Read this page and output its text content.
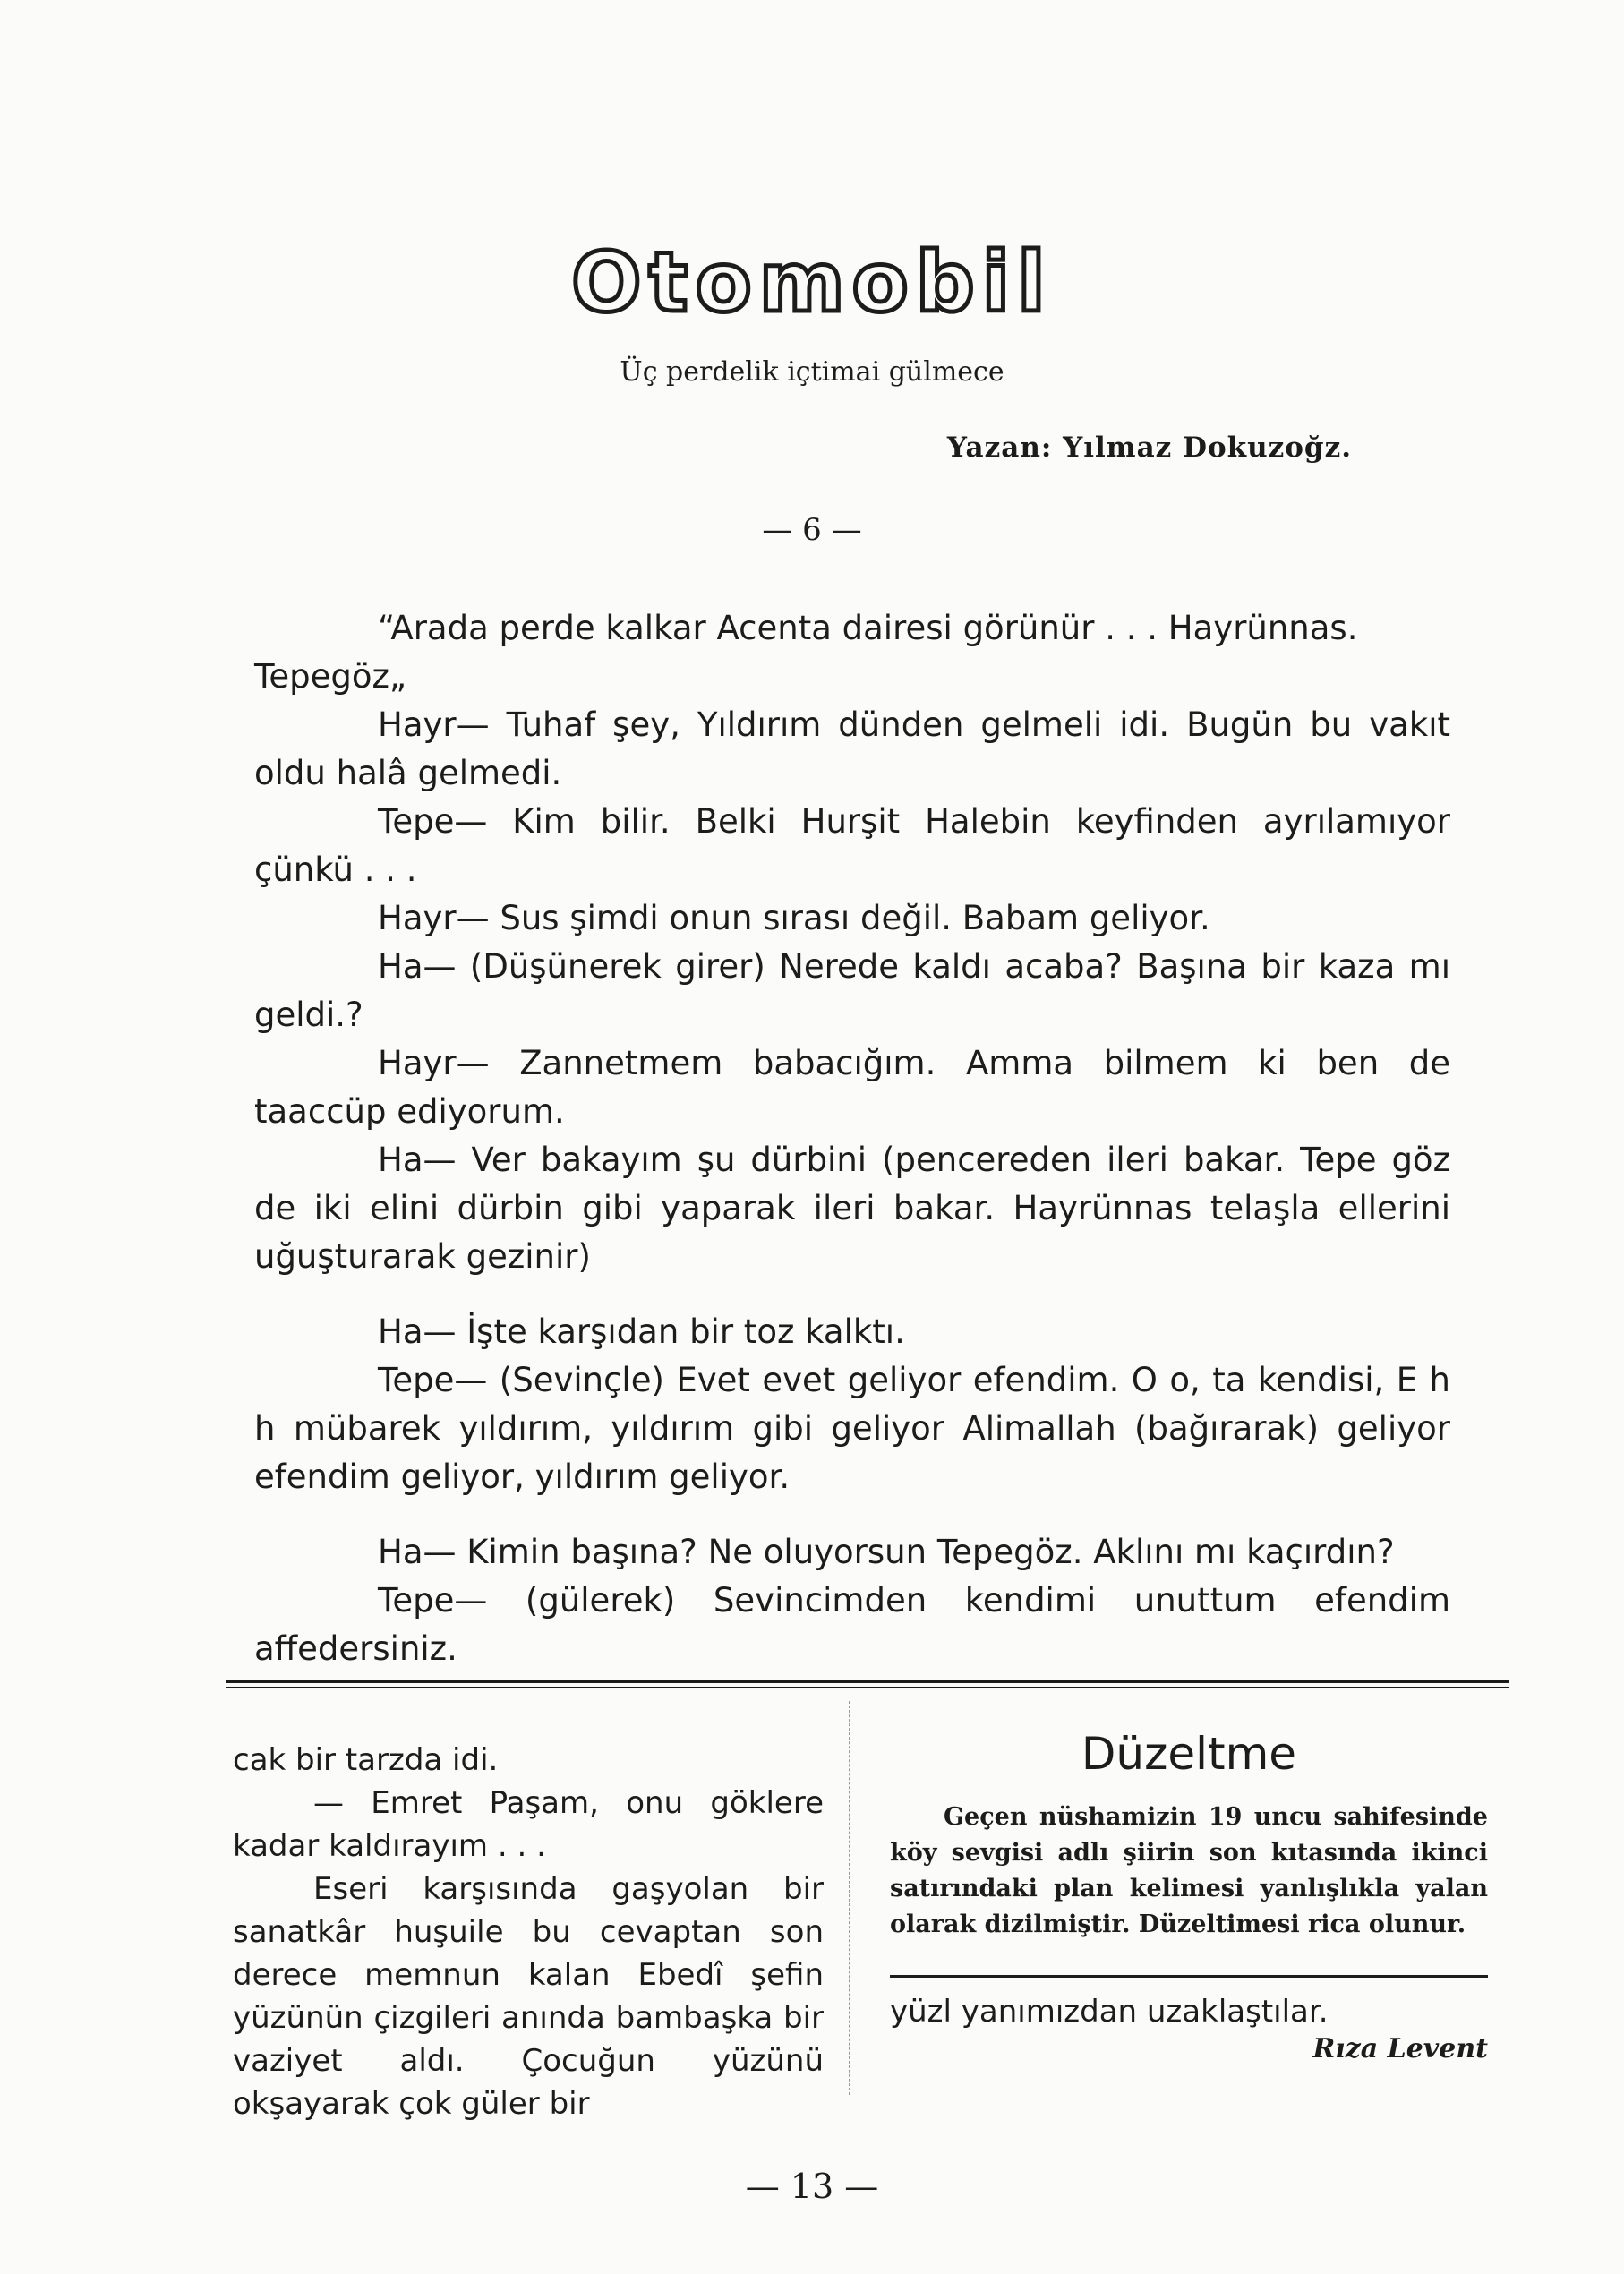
Otomobil
Üç perdelik içtimai gülmece
Yazan: Yılmaz Dokuzoğz.
— 6 —

“Arada perde kalkar Acenta dairesi görünür . . . Hayrünnas.

Tepegöz„

Hayr— Tuhaf şey, Yıldırım dünden gelmeli idi. Bugün bu vakıt oldu halâ gelmedi.

Tepe— Kim bilir. Belki Hurşit Halebin keyfinden ayrılamıyor çünkü . . .

Hayr— Sus şimdi onun sırası değil. Babam geliyor.

Ha— (Düşünerek girer) Nerede kaldı acaba? Başına bir kaza mı geldi.?

Hayr— Zannetmem babacığım. Amma bilmem ki ben de taaccüp ediyorum.

Ha— Ver bakayım şu dürbini (pencereden ileri bakar. Tepe göz de iki elini dürbin gibi yaparak ileri bakar. Hayrünnas telaşla ellerini uğuşturarak gezinir)

Ha— İşte karşıdan bir toz kalktı.

Tepe— (Sevinçle) Evet evet geliyor efendim. O o, ta kendisi, E h h mübarek yıldırım, yıldırım gibi geliyor Alimallah (bağırarak) geliyor efendim geliyor, yıldırım geliyor.

Ha— Kimin başına? Ne oluyorsun Tepegöz. Aklını mı kaçırdın?

Tepe— (gülerek) Sevincimden kendimi unuttum efendim affedersiniz.

cak bir tarzda idi.

— Emret Paşam, onu göklere kadar kaldırayım . . .

Eseri karşısında gaşyolan bir sanatkâr huşuile bu cevaptan son derece memnun kalan Ebedî şefin yüzünün çizgileri anında bambaşka bir vaziyet aldı. Çocuğun yüzünü okşayarak çok güler bir

Düzeltme

Geçen nüshamizin 19 uncu sahifesinde köy sevgisi adlı şiirin son kıtasında ikinci satırındaki plan kelimesi yanlışlıkla yalan olarak dizilmiştir. Düzeltimesi rica olunur.

yüzl yanımızdan uzaklaştılar.

Rıza Levent

— 13 —
